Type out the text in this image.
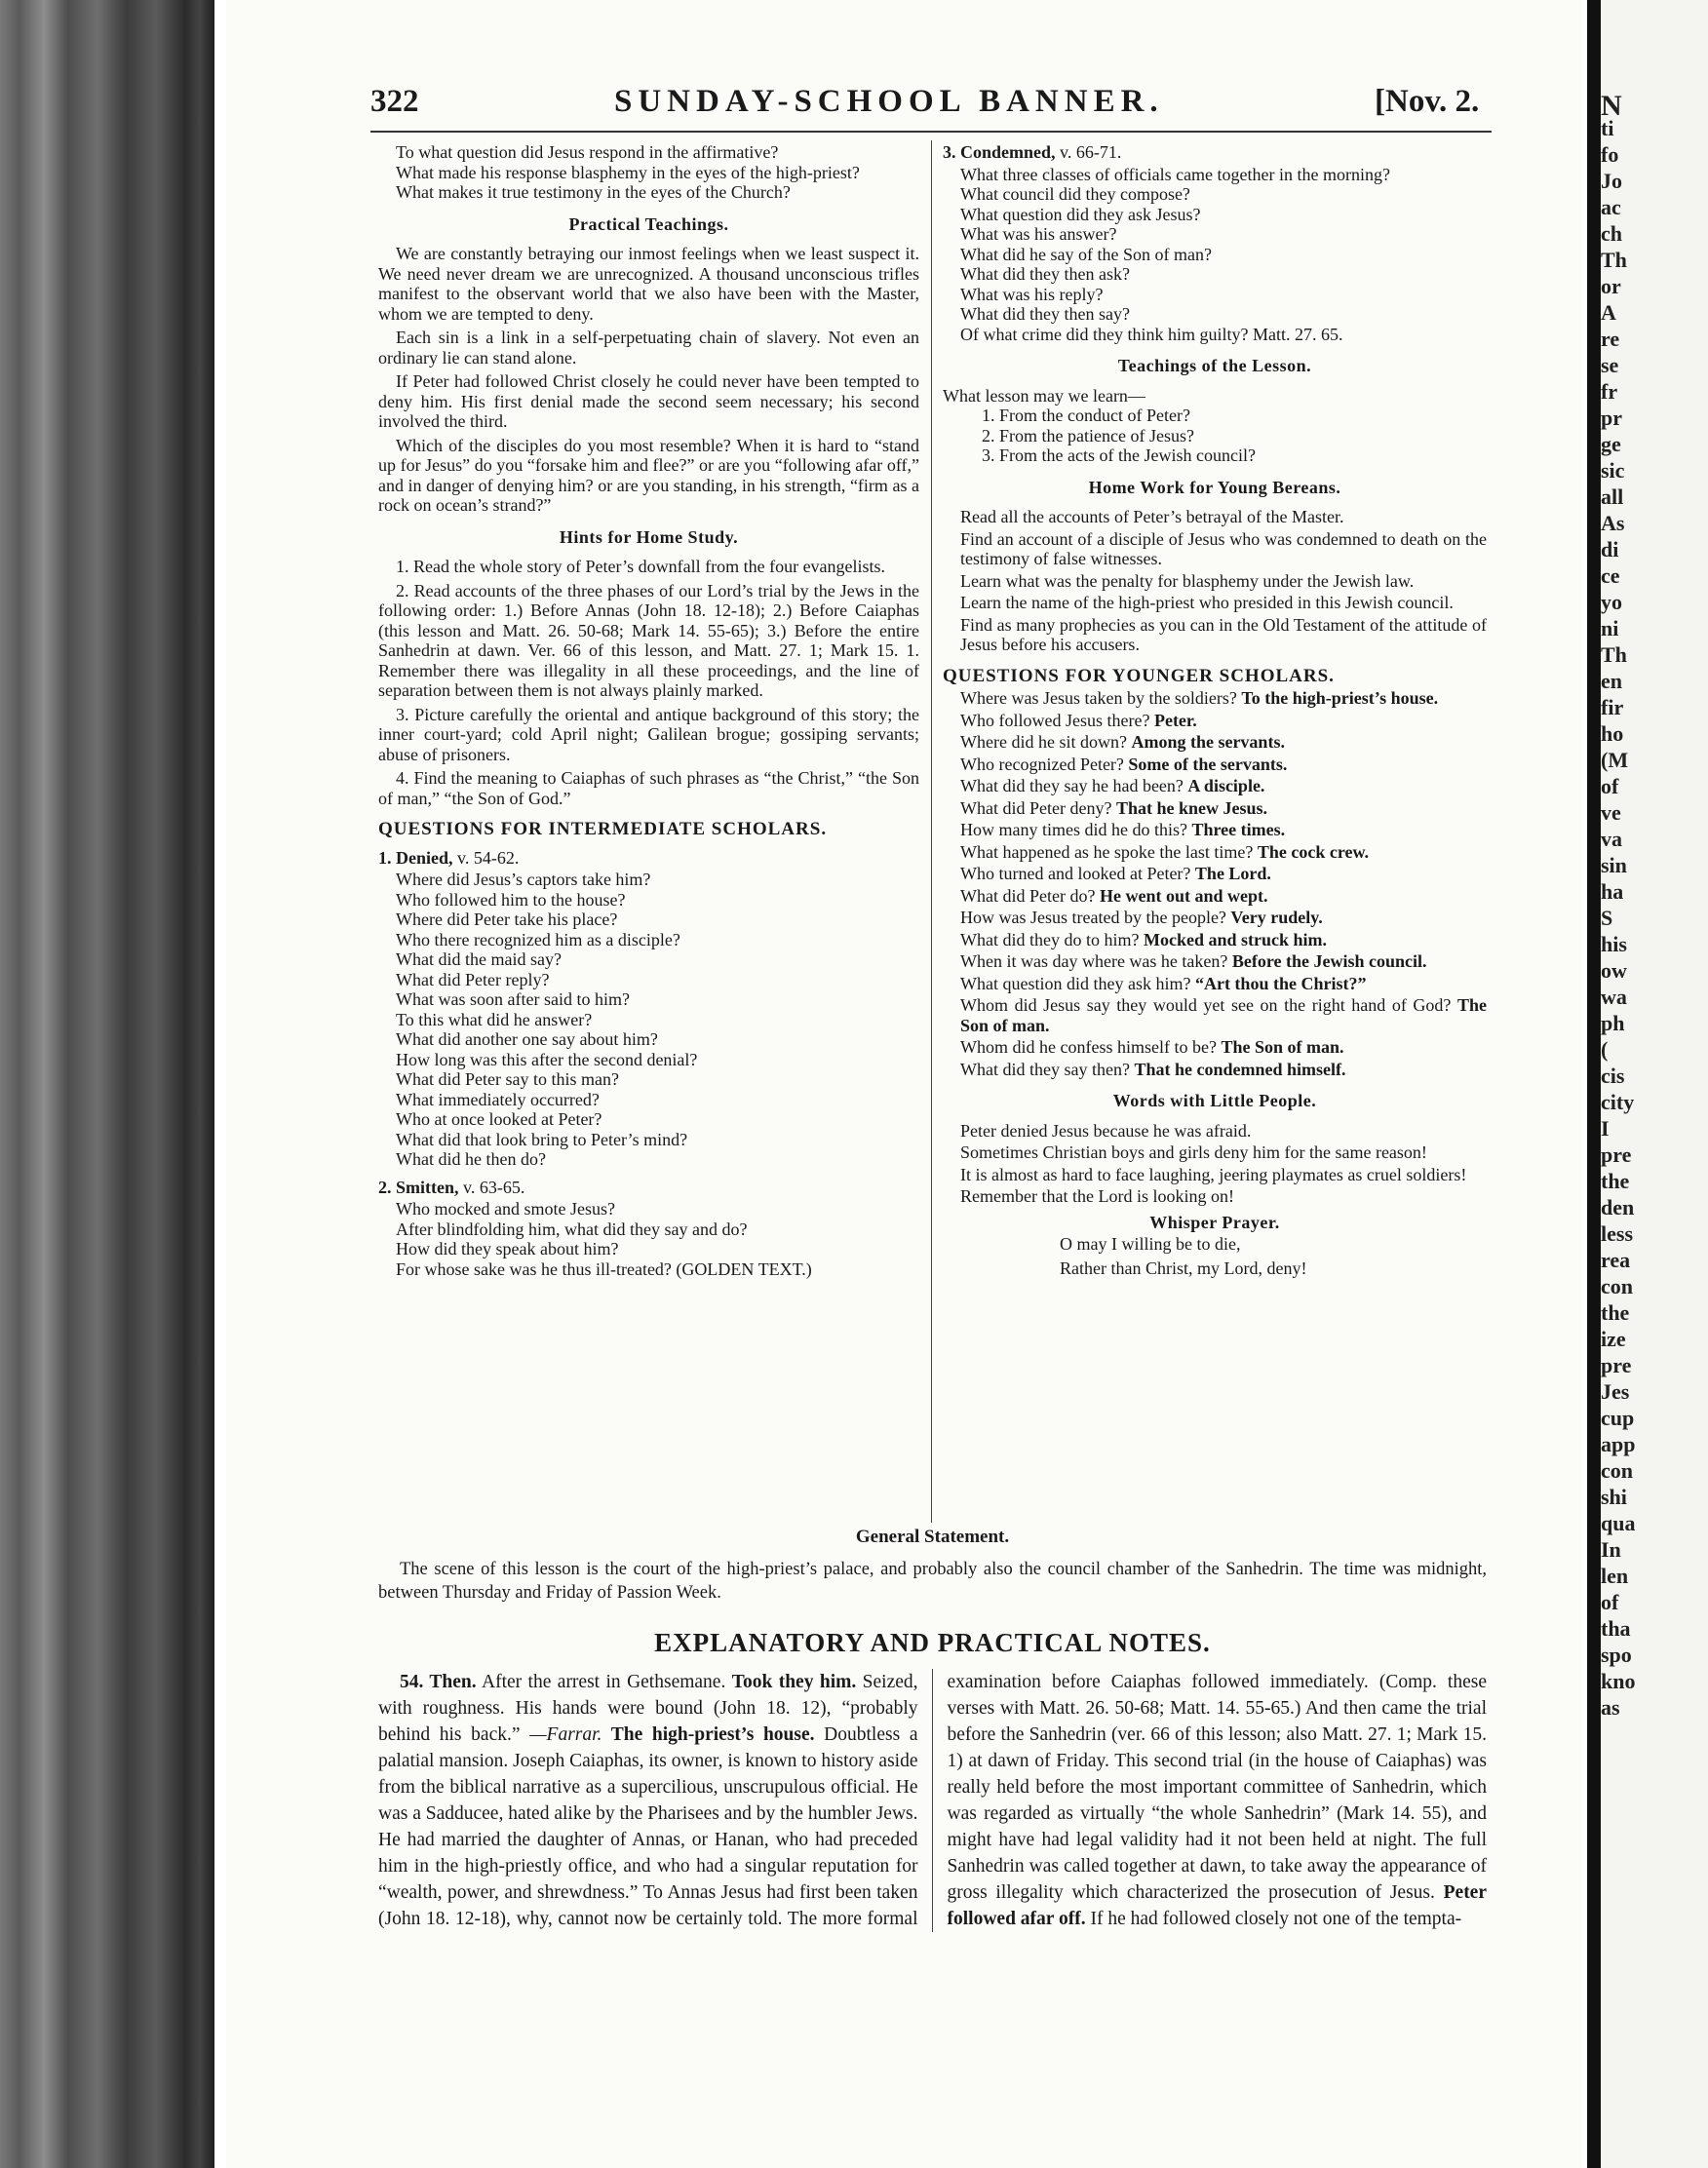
322	SUNDAY-SCHOOL BANNER.	[Nov. 2.

To what question did Jesus respond in the affirmative?

What made his response blasphemy in the eyes of the high-priest?

What makes it true testimony in the eyes of the Church?

Practical Teachings.

We are constantly betraying our inmost feelings when we least suspect it. We need never dream we are unrecognized. A thousand unconscious trifles manifest to the observant world that we also have been with the Master, whom we are tempted to deny.

Each sin is a link in a self-perpetuating chain of slavery. Not even an ordinary lie can stand alone.

If Peter had followed Christ closely he could never have been tempted to deny him. His first denial made the second seem necessary; his second involved the third.

Which of the disciples do you most resemble? When it is hard to “stand up for Jesus” do you “forsake him and flee?” or are you “following afar off,” and in danger of denying him? or are you standing, in his strength, “firm as a rock on ocean’s strand?”

Hints for Home Study.

1. Read the whole story of Peter’s downfall from the four evangelists.

2. Read accounts of the three phases of our Lord’s trial by the Jews in the following order: 1.) Before Annas (John 18. 12-18); 2.) Before Caiaphas (this lesson and Matt. 26. 50-68; Mark 14. 55-65); 3.) Before the entire Sanhedrin at dawn. Ver. 66 of this lesson, and Matt. 27. 1; Mark 15. 1. Remember there was illegality in all these proceedings, and the line of separation between them is not always plainly marked.

3. Picture carefully the oriental and antique background of this story; the inner court-yard; cold April night; Galilean brogue; gossiping servants; abuse of prisoners.

4. Find the meaning to Caiaphas of such phrases as “the Christ,” “the Son of man,” “the Son of God.”

QUESTIONS FOR INTERMEDIATE SCHOLARS.
1. Denied, v. 54-62.

Where did Jesus’s captors take him?

Who followed him to the house?

Where did Peter take his place?

Who there recognized him as a disciple?

What did the maid say?

What did Peter reply?

What was soon after said to him?

To this what did he answer?

What did another one say about him?

How long was this after the second denial?

What did Peter say to this man?

What immediately occurred?

Who at once looked at Peter?

What did that look bring to Peter’s mind?

What did he then do?

2. Smitten, v. 63-65.

Who mocked and smote Jesus?

After blindfolding him, what did they say and do?

How did they speak about him?

For whose sake was he thus ill-treated? (GOLDEN TEXT.)

3. Condemned, v. 66-71.

What three classes of officials came together in the morning?

What council did they compose?

What question did they ask Jesus?

What was his answer?

What did he say of the Son of man?

What did they then ask?

What was his reply?

What did they then say?

Of what crime did they think him guilty? Matt. 27. 65.

Teachings of the Lesson.

What lesson may we learn—

1. From the conduct of Peter?

2. From the patience of Jesus?

3. From the acts of the Jewish council?

Home Work for Young Bereans.

Read all the accounts of Peter’s betrayal of the Master.

Find an account of a disciple of Jesus who was condemned to death on the testimony of false witnesses.

Learn what was the penalty for blasphemy under the Jewish law.

Learn the name of the high-priest who presided in this Jewish council.

Find as many prophecies as you can in the Old Testament of the attitude of Jesus before his accusers.

QUESTIONS FOR YOUNGER SCHOLARS.

Where was Jesus taken by the soldiers? To the high-priest’s house.

Who followed Jesus there? Peter.

Where did he sit down? Among the servants.

Who recognized Peter? Some of the servants.

What did they say he had been? A disciple.

What did Peter deny? That he knew Jesus.

How many times did he do this? Three times.

What happened as he spoke the last time? The cock crew.

Who turned and looked at Peter? The Lord.

What did Peter do? He went out and wept.

How was Jesus treated by the people? Very rudely.

What did they do to him? Mocked and struck him.

When it was day where was he taken? Before the Jewish council.

What question did they ask him? “Art thou the Christ?”

Whom did Jesus say they would yet see on the right hand of God? The Son of man.

Whom did he confess himself to be? The Son of man.

What did they say then? That he condemned himself.

Words with Little People.

Peter denied Jesus because he was afraid.

Sometimes Christian boys and girls deny him for the same reason!

It is almost as hard to face laughing, jeering playmates as cruel soldiers!

Remember that the Lord is looking on!

Whisper Prayer.

O may I willing be to die,

Rather than Christ, my Lord, deny!

General Statement.

The scene of this lesson is the court of the high-priest’s palace, and probably also the council chamber of the Sanhedrin. The time was midnight, between Thursday and Friday of Passion Week.

EXPLANATORY AND PRACTICAL NOTES.

54. Then. After the arrest in Gethsemane. Took they him. Seized, with roughness. His hands were bound (John 18. 12), “probably behind his back.” —Farrar. The high-priest’s house. Doubtless a palatial mansion. Joseph Caiaphas, its owner, is known to history aside from the biblical narrative as a supercilious, unscrupulous official. He was a Sadducee, hated alike by the Pharisees and by the humbler Jews. He had married the daughter of Annas, or Hanan, who had preceded him in the high-priestly office, and who had a singular reputation for “wealth, power, and shrewdness.” To Annas Jesus had first been taken (John 18. 12-18), why, cannot now be certainly told. The more formal examination before Caiaphas followed immediately. (Comp. these verses with Matt. 26. 50-68; Matt. 14. 55-65.) And then came the trial before the Sanhedrin (ver. 66 of this lesson; also Matt. 27. 1; Mark 15. 1) at dawn of Friday. This second trial (in the house of Caiaphas) was really held before the most important committee of Sanhedrin, which was regarded as virtually “the whole Sanhedrin” (Mark 14. 55), and might have had legal validity had it not been held at night. The full Sanhedrin was called together at dawn, to take away the appearance of gross illegality which characterized the prosecution of Jesus. Peter followed afar off. If he had followed closely not one of the tempta-

N
ti
fo
Jo
ac
ch
Th
or
A
re
se
fr
pr
ge
sic
all
As
di
ce
yo
ni
Th
en
fir
ho
(M
of
ve
va
sin
ha
S
his
ow
wa
ph
(
cis
city
I
pre
the
den
less
rea
con
the
ize
pre
Jes
cup
app
con
shi
qua
In
len
of
tha
spo
kno
as
